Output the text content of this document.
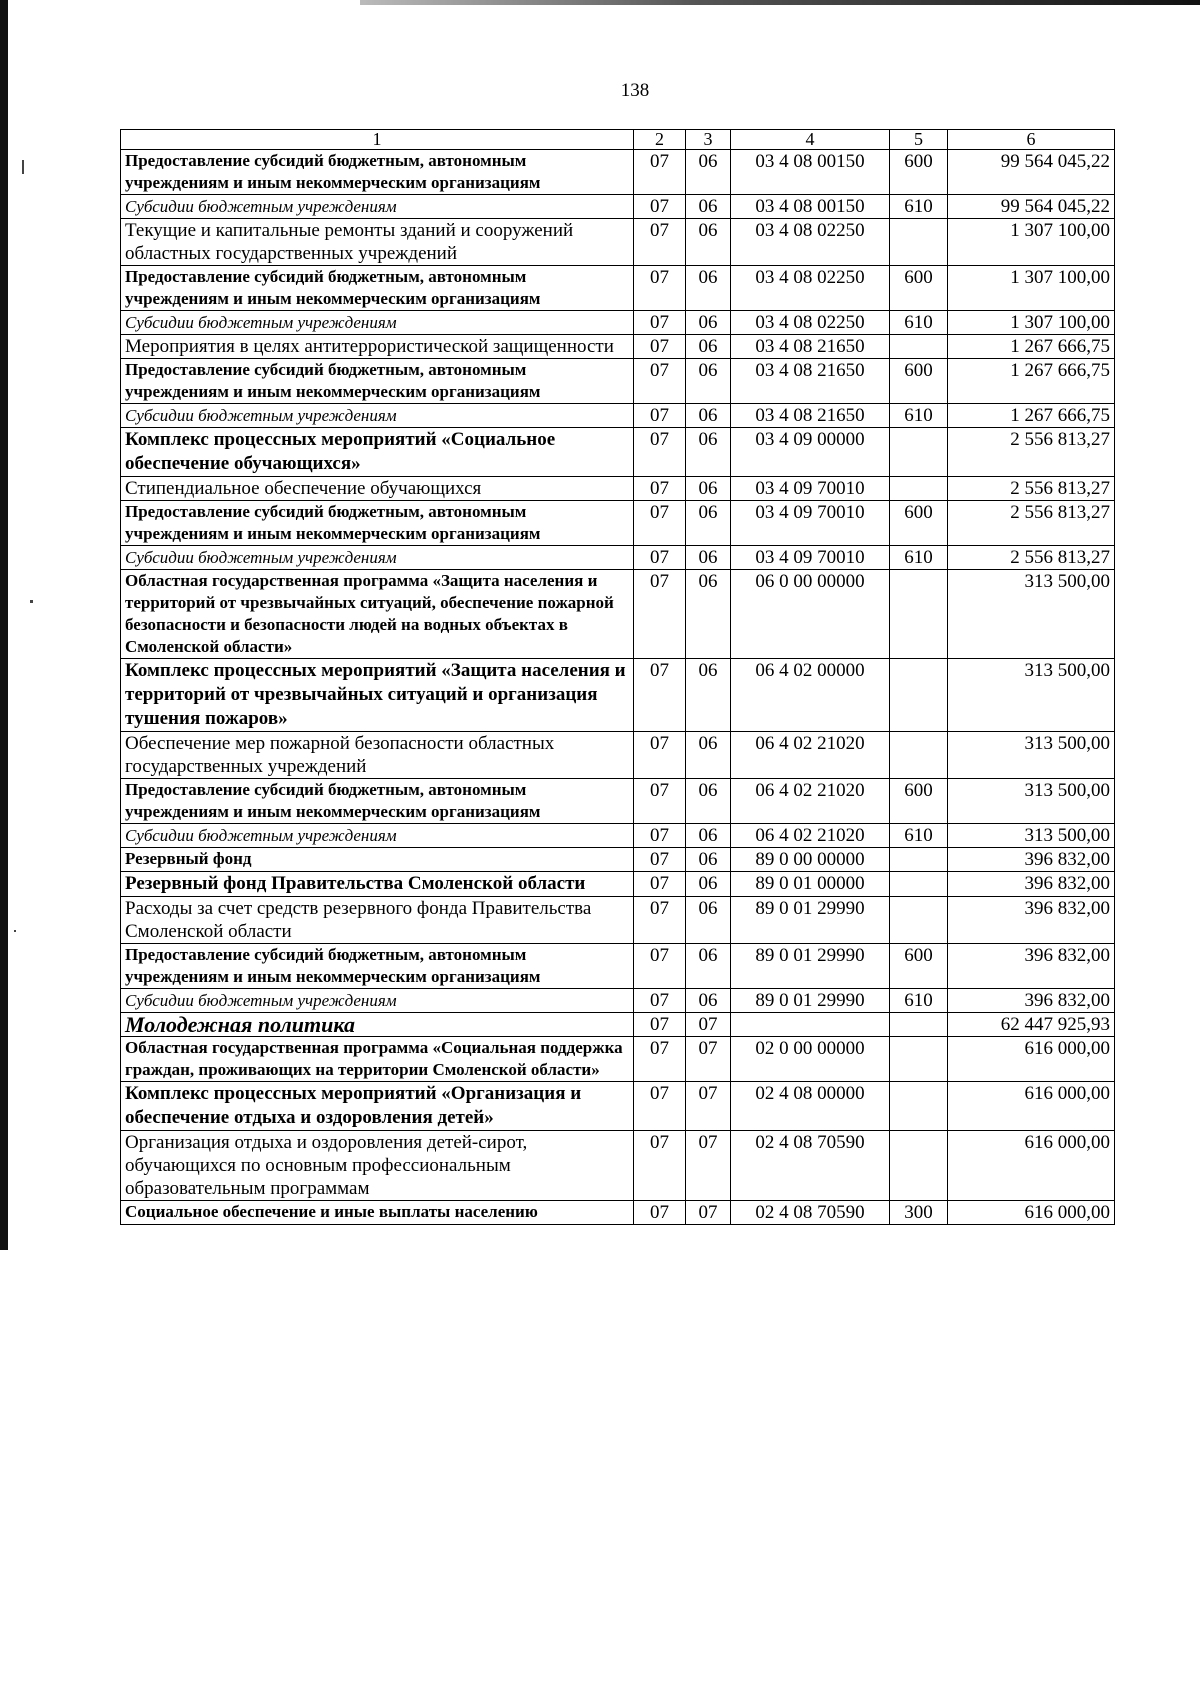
138
1	2	3	4	5	6
Предоставление субсидий бюджетным, автономным учреждениям и иным некоммерческим организациям	07	06	03 4 08 00150	600	99 564 045,22
Субсидии бюджетным учреждениям	07	06	03 4 08 00150	610	99 564 045,22
Текущие и капитальные ремонты зданий и сооружений областных государственных учреждений	07	06	03 4 08 02250		1 307 100,00
Предоставление субсидий бюджетным, автономным учреждениям и иным некоммерческим организациям	07	06	03 4 08 02250	600	1 307 100,00
Субсидии бюджетным учреждениям	07	06	03 4 08 02250	610	1 307 100,00
Мероприятия в целях антитеррористической защищенности	07	06	03 4 08 21650		1 267 666,75
Предоставление субсидий бюджетным, автономным учреждениям и иным некоммерческим организациям	07	06	03 4 08 21650	600	1 267 666,75
Субсидии бюджетным учреждениям	07	06	03 4 08 21650	610	1 267 666,75
Комплекс процессных мероприятий «Социальное обеспечение обучающихся»	07	06	03 4 09 00000		2 556 813,27
Стипендиальное обеспечение обучающихся	07	06	03 4 09 70010		2 556 813,27
Предоставление субсидий бюджетным, автономным учреждениям и иным некоммерческим организациям	07	06	03 4 09 70010	600	2 556 813,27
Субсидии бюджетным учреждениям	07	06	03 4 09 70010	610	2 556 813,27
Областная государственная программа «Защита населения и территорий от чрезвычайных ситуаций, обеспечение пожарной безопасности и безопасности людей на водных объектах в Смоленской области»	07	06	06 0 00 00000		313 500,00
Комплекс процессных мероприятий «Защита населения и территорий от чрезвычайных ситуаций и организация тушения пожаров»	07	06	06 4 02 00000		313 500,00
Обеспечение мер пожарной безопасности областных государственных учреждений	07	06	06 4 02 21020		313 500,00
Предоставление субсидий бюджетным, автономным учреждениям и иным некоммерческим организациям	07	06	06 4 02 21020	600	313 500,00
Субсидии бюджетным учреждениям	07	06	06 4 02 21020	610	313 500,00
Резервный фонд	07	06	89 0 00 00000		396 832,00
Резервный фонд Правительства Смоленской области	07	06	89 0 01 00000		396 832,00
Расходы за счет средств резервного фонда Правительства Смоленской области	07	06	89 0 01 29990		396 832,00
Предоставление субсидий бюджетным, автономным учреждениям и иным некоммерческим организациям	07	06	89 0 01 29990	600	396 832,00
Субсидии бюджетным учреждениям	07	06	89 0 01 29990	610	396 832,00
Молодежная политика	07	07			62 447 925,93
Областная государственная программа «Социальная поддержка граждан, проживающих на территории Смоленской области»	07	07	02 0 00 00000		616 000,00
Комплекс процессных мероприятий «Организация и обеспечение отдыха и оздоровления детей»	07	07	02 4 08 00000		616 000,00
Организация отдыха и оздоровления детей-сирот, обучающихся по основным профессиональным образовательным программам	07	07	02 4 08 70590		616 000,00
Социальное обеспечение и иные выплаты населению	07	07	02 4 08 70590	300	616 000,00
